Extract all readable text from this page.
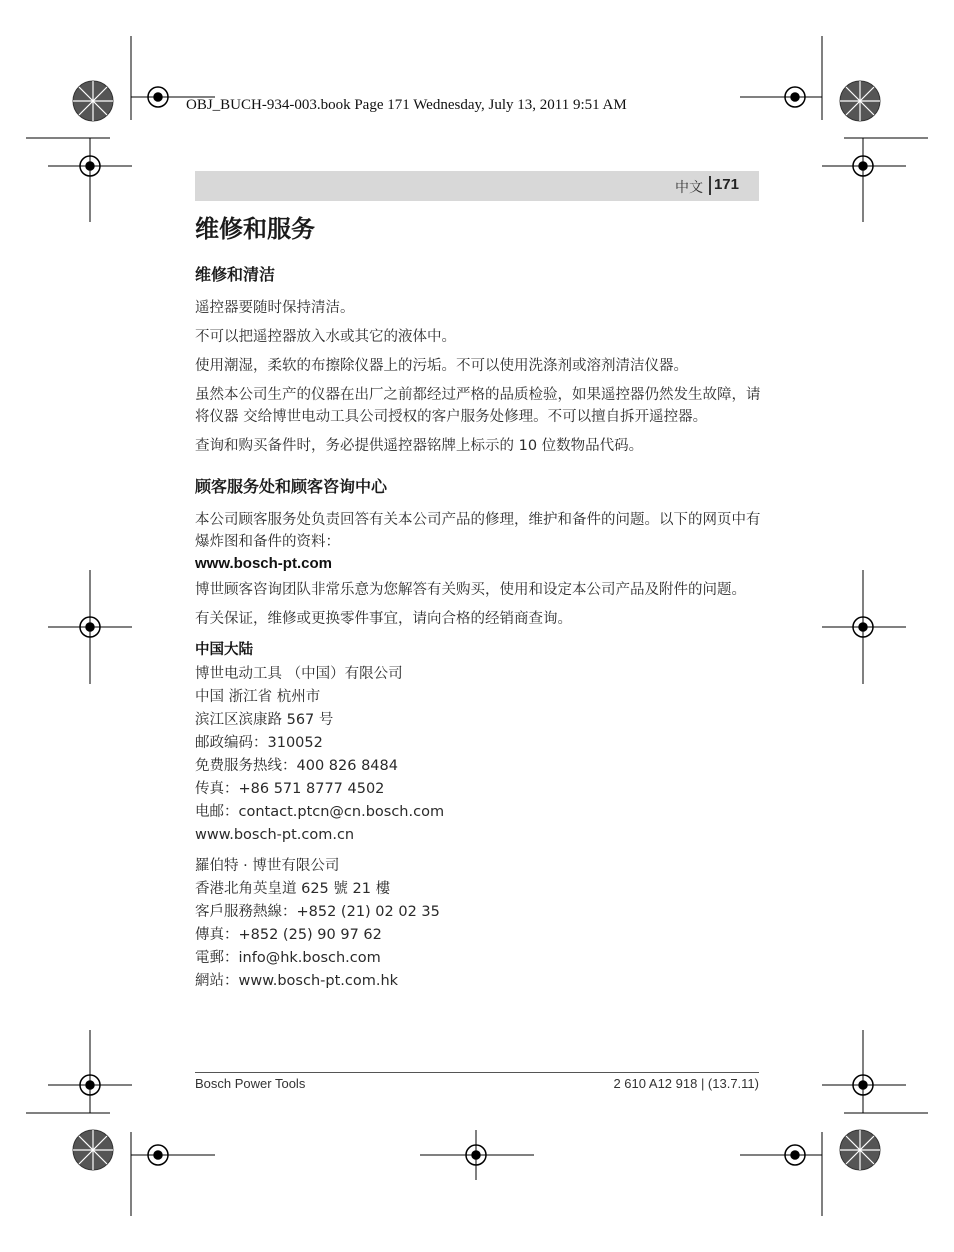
OBJ_BUCH-934-003.book Page 171 Wednesday, July 13, 2011 9:51 AM
中文 171
维修和服务
维修和清洁

遥控器要随时保持清洁。

不可以把遥控器放入水或其它的液体中。

使用潮湿，柔软的布擦除仪器上的污垢。不可以使用洗涤剂或溶剂清洁仪器。

虽然本公司生产的仪器在出厂之前都经过严格的品质检验，如果遥控器仍然发生故障，请将仪器 交给博世电动工具公司授权的客户服务处修理。不可以擅自拆开遥控器。

查询和购买备件时，务必提供遥控器铭牌上标示的 10 位数物品代码。

顾客服务处和顾客咨询中心

本公司顾客服务处负责回答有关本公司产品的修理，维护和备件的问题。以下的网页中有爆炸图和备件的资料：

www.bosch-pt.com

博世顾客咨询团队非常乐意为您解答有关购买，使用和设定本公司产品及附件的问题。

有关保证，维修或更换零件事宜，请向合格的经销商查询。

中国大陆

博世电动工具 （中国）有限公司

中国 浙江省 杭州市

滨江区滨康路 567 号

邮政编码：310052

免费服务热线：400 826 8484

传真：+86 571 8777 4502

电邮：contact.ptcn@cn.bosch.com

www.bosch-pt.com.cn

羅伯特 · 博世有限公司

香港北角英皇道 625 號 21 樓

客戶服務熱線：+852 (21) 02 02 35

傳真：+852 (25) 90 97 62

電郵：info@hk.bosch.com

網站：www.bosch-pt.com.hk

Bosch Power Tools	2 610 A12 918 | (13.7.11)
